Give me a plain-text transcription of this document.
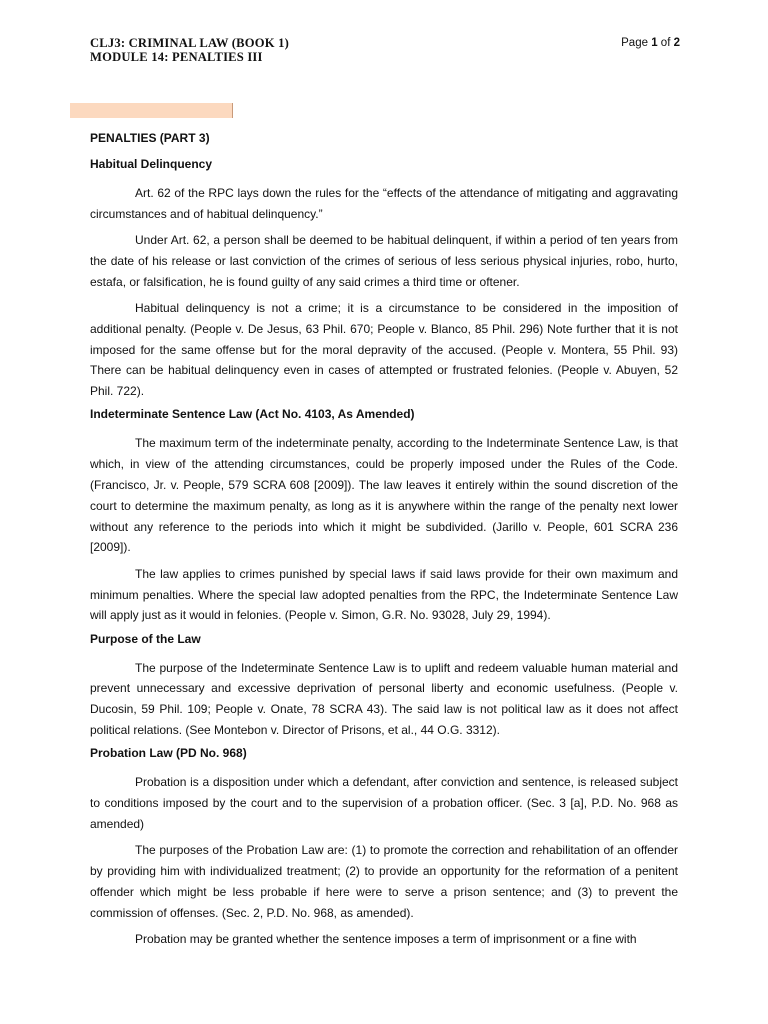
CLJ3: CRIMINAL LAW (BOOK 1)
MODULE 14: PENALTIES III
Page 1 of 2
PENALTIES (PART 3)
Habitual Delinquency

Art. 62 of the RPC lays down the rules for the “effects of the attendance of mitigating and aggravating circumstances and of habitual delinquency.”

Under Art. 62, a person shall be deemed to be habitual delinquent, if within a period of ten years from the date of his release or last conviction of the crimes of serious of less serious physical injuries, robo, hurto, estafa, or falsification, he is found guilty of any said crimes a third time or oftener.

Habitual delinquency is not a crime; it is a circumstance to be considered in the imposition of additional penalty. (People v. De Jesus, 63 Phil. 670; People v. Blanco, 85 Phil. 296) Note further that it is not imposed for the same offense but for the moral depravity of the accused. (People v. Montera, 55 Phil. 93) There can be habitual delinquency even in cases of attempted or frustrated felonies. (People v. Abuyen, 52 Phil. 722).

Indeterminate Sentence Law (Act No. 4103, As Amended)

The maximum term of the indeterminate penalty, according to the Indeterminate Sentence Law, is that which, in view of the attending circumstances, could be properly imposed under the Rules of the Code. (Francisco, Jr. v. People, 579 SCRA 608 [2009]). The law leaves it entirely within the sound discretion of the court to determine the maximum penalty, as long as it is anywhere within the range of the penalty next lower without any reference to the periods into which it might be subdivided. (Jarillo v. People, 601 SCRA 236 [2009]).

The law applies to crimes punished by special laws if said laws provide for their own maximum and minimum penalties. Where the special law adopted penalties from the RPC, the Indeterminate Sentence Law will apply just as it would in felonies. (People v. Simon, G.R. No. 93028, July 29, 1994).

Purpose of the Law

The purpose of the Indeterminate Sentence Law is to uplift and redeem valuable human material and prevent unnecessary and excessive deprivation of personal liberty and economic usefulness. (People v. Ducosin, 59 Phil. 109; People v. Onate, 78 SCRA 43). The said law is not political law as it does not affect political relations. (See Montebon v. Director of Prisons, et al., 44 O.G. 3312).

Probation Law (PD No. 968)

Probation is a disposition under which a defendant, after conviction and sentence, is released subject to conditions imposed by the court and to the supervision of a probation officer. (Sec. 3 [a], P.D. No. 968 as amended)

The purposes of the Probation Law are: (1) to promote the correction and rehabilitation of an offender by providing him with individualized treatment; (2) to provide an opportunity for the reformation of a penitent offender which might be less probable if here were to serve a prison sentence; and (3) to prevent the commission of offenses. (Sec. 2, P.D. No. 968, as amended).

Probation may be granted whether the sentence imposes a term of imprisonment or a fine with
